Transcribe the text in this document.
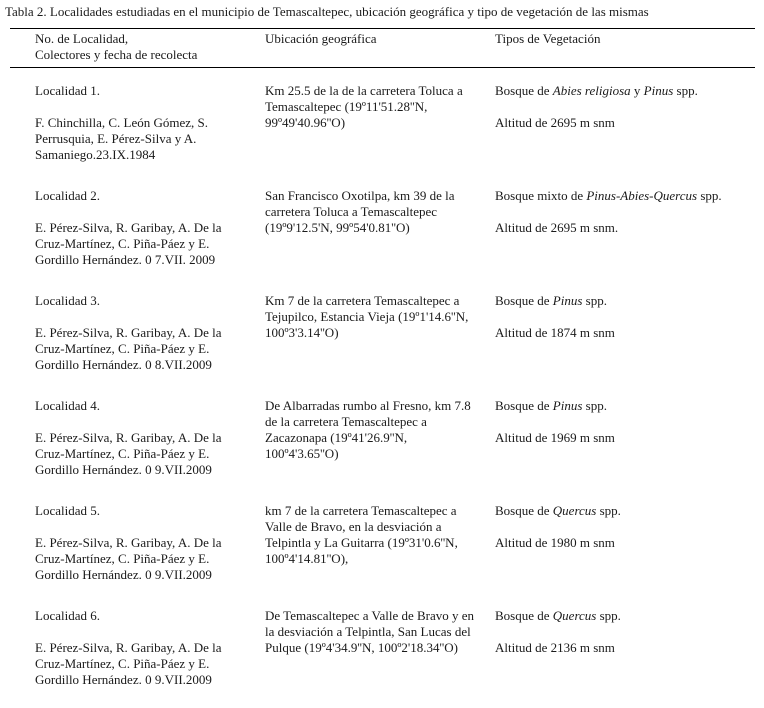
Tabla 2. Localidades estudiadas en el municipio de Temascaltepec, ubicación geográfica y tipo de vegetación de las mismas
No. de Localidad,
Colectores y fecha de recolecta
Ubicación geográfica	Tipos de Vegetación
Localidad 1.
F. Chinchilla, C. León Gómez, S. Perrusquia, E. Pérez-Silva y A. Samaniego.23.IX.1984
Km 25.5 de la de la carretera Toluca a Temascaltepec (19º11'51.28''N, 99º49'40.96''O)
Bosque de Abies religiosa y Pinus spp.
Altitud de 2695 m snm
Localidad 2.
E. Pérez-Silva, R. Garibay, A. De la Cruz-Martínez, C. Piña-Páez y E. Gordillo Hernández. 0 7.VII. 2009
San Francisco Oxotilpa, km 39 de la carretera Toluca a Temascaltepec (19º9'12.5'N, 99º54'0.81''O)
Bosque mixto de Pinus-Abies-Quercus spp.
Altitud de 2695 m snm.
Localidad 3.
E. Pérez-Silva, R. Garibay, A. De la Cruz-Martínez, C. Piña-Páez y E. Gordillo Hernández. 0 8.VII.2009
Km 7 de la carretera Temascaltepec a Tejupilco, Estancia Vieja (19º1'14.6''N, 100º3'3.14''O)
Bosque de Pinus spp.
Altitud de 1874 m snm
Localidad 4.
E. Pérez-Silva, R. Garibay, A. De la Cruz-Martínez, C. Piña-Páez y E. Gordillo Hernández. 0 9.VII.2009
De Albarradas rumbo al Fresno, km 7.8 de la carretera Temascaltepec a Zacazonapa (19º41'26.9''N, 100º4'3.65''O)
Bosque de Pinus spp.
Altitud de 1969 m snm
Localidad 5.
E. Pérez-Silva, R. Garibay, A. De la Cruz-Martínez, C. Piña-Páez y E. Gordillo Hernández. 0 9.VII.2009
km 7 de la carretera Temascaltepec a Valle de Bravo, en la desviación a Telpintla y La Guitarra (19º31'0.6''N, 100º4'14.81''O),
Bosque de Quercus spp.
Altitud de 1980 m snm
Localidad 6.
E. Pérez-Silva, R. Garibay, A. De la Cruz-Martínez, C. Piña-Páez y E. Gordillo Hernández. 0 9.VII.2009
De Temascaltepec a Valle de Bravo y en la desviación a Telpintla, San Lucas del Pulque (19º4'34.9''N, 100º2'18.34''O)
Bosque de Quercus spp.
Altitud de 2136 m snm
